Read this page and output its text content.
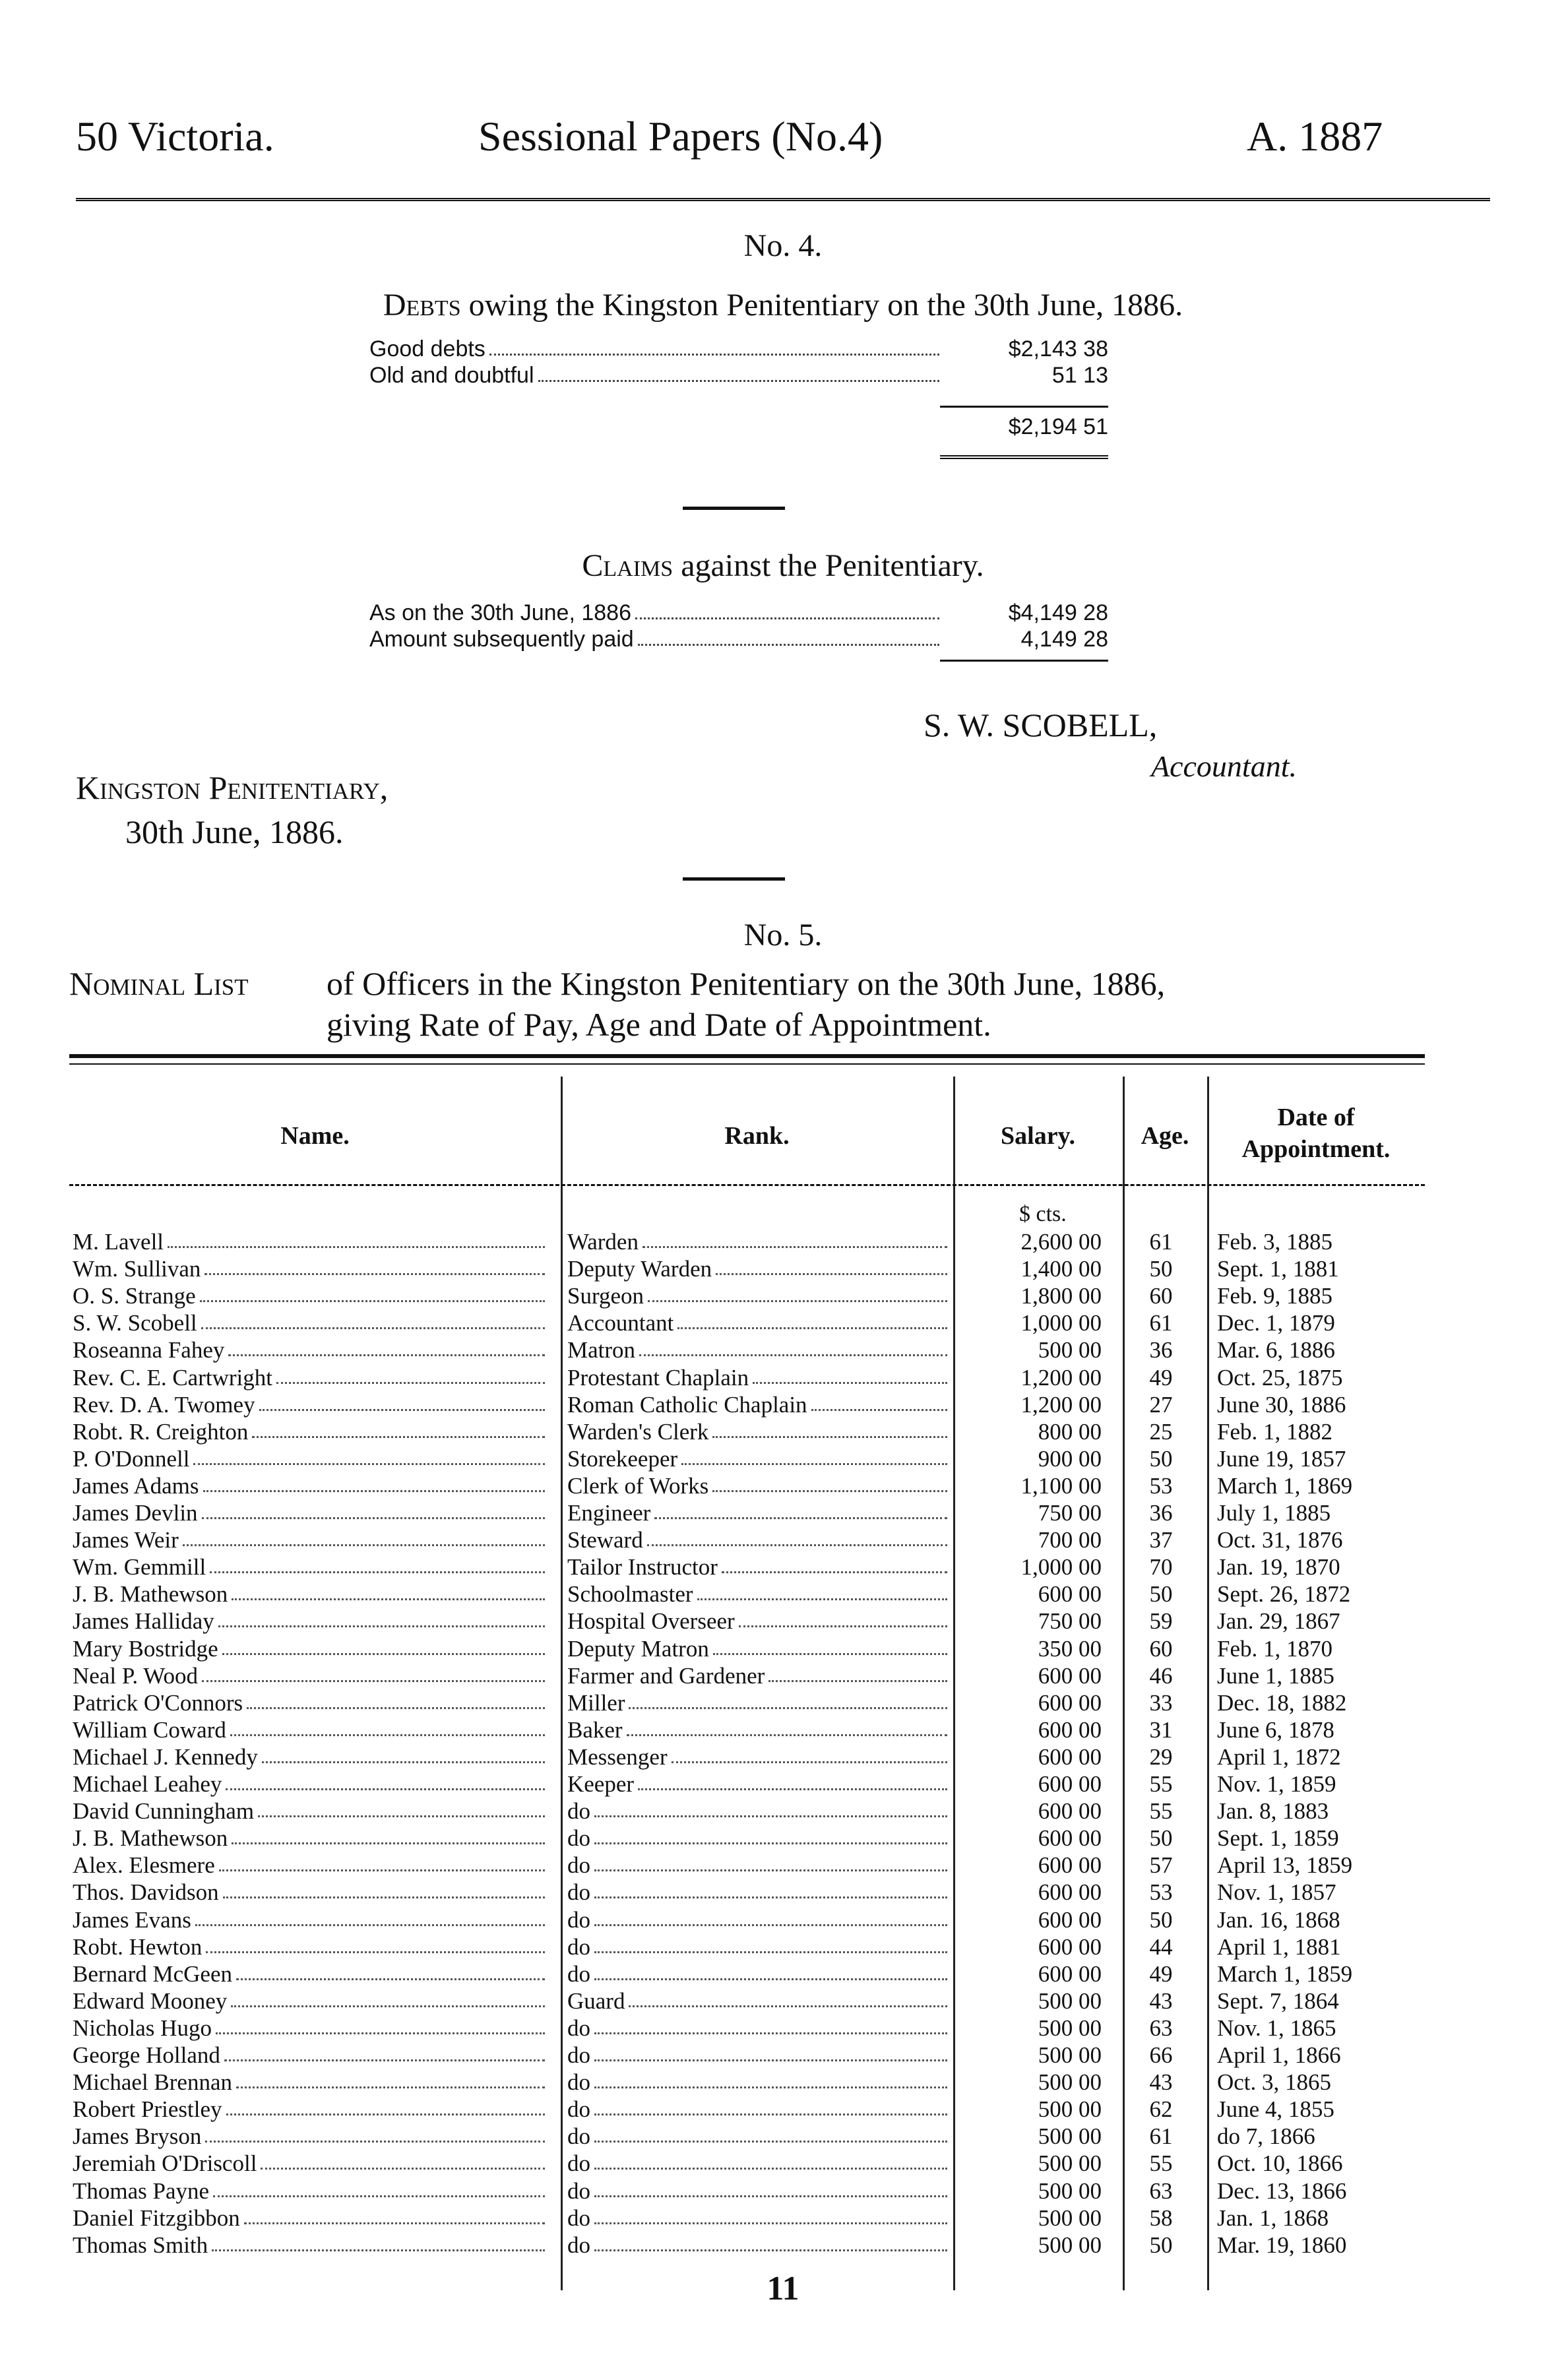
50 Victoria.	Sessional Papers (No.4)	A. 1887
No. 4.
Debts owing the Kingston Penitentiary on the 30th June, 1886.
Good debts	$2,143 38
Old and doubtful	51 13
$2,194 51
Claims against the Penitentiary.
As on the 30th June, 1886	$4,149 28
Amount subsequently paid	4,149 28
S. W. SCOBELL,
Accountant.
Kingston Penitentiary,
30th June, 1886.
No. 5.
Nominal List of Officers in the Kingston Penitentiary on the 30th June, 1886,
giving Rate of Pay, Age and Date of Appointment.
Name.	Rank.	Salary.	Age.
Date of
Appointment.
$ cts.
M. Lavell	Warden	2,600 00	61	Feb. 3, 1885
Wm. Sullivan	Deputy Warden	1,400 00	50	Sept. 1, 1881
O. S. Strange	Surgeon	1,800 00	60	Feb. 9, 1885
S. W. Scobell	Accountant	1,000 00	61	Dec. 1, 1879
Roseanna Fahey	Matron	500 00	36	Mar. 6, 1886
Rev. C. E. Cartwright	Protestant Chaplain	1,200 00	49	Oct. 25, 1875
Rev. D. A. Twomey	Roman Catholic Chaplain	1,200 00	27	June 30, 1886
Robt. R. Creighton	Warden's Clerk	800 00	25	Feb. 1, 1882
P. O'Donnell	Storekeeper	900 00	50	June 19, 1857
James Adams	Clerk of Works	1,100 00	53	March 1, 1869
James Devlin	Engineer	750 00	36	July 1, 1885
James Weir	Steward	700 00	37	Oct. 31, 1876
Wm. Gemmill	Tailor Instructor	1,000 00	70	Jan. 19, 1870
J. B. Mathewson	Schoolmaster	600 00	50	Sept. 26, 1872
James Halliday	Hospital Overseer	750 00	59	Jan. 29, 1867
Mary Bostridge	Deputy Matron	350 00	60	Feb. 1, 1870
Neal P. Wood	Farmer and Gardener	600 00	46	June 1, 1885
Patrick O'Connors	Miller	600 00	33	Dec. 18, 1882
William Coward	Baker	600 00	31	June 6, 1878
Michael J. Kennedy	Messenger	600 00	29	April 1, 1872
Michael Leahey	Keeper	600 00	55	Nov. 1, 1859
David Cunningham	do	600 00	55	Jan. 8, 1883
J. B. Mathewson	do	600 00	50	Sept. 1, 1859
Alex. Elesmere	do	600 00	57	April 13, 1859
Thos. Davidson	do	600 00	53	Nov. 1, 1857
James Evans	do	600 00	50	Jan. 16, 1868
Robt. Hewton	do	600 00	44	April 1, 1881
Bernard McGeen	do	600 00	49	March 1, 1859
Edward Mooney	Guard	500 00	43	Sept. 7, 1864
Nicholas Hugo	do	500 00	63	Nov. 1, 1865
George Holland	do	500 00	66	April 1, 1866
Michael Brennan	do	500 00	43	Oct. 3, 1865
Robert Priestley	do	500 00	62	June 4, 1855
James Bryson	do	500 00	61	do 7, 1866
Jeremiah O'Driscoll	do	500 00	55	Oct. 10, 1866
Thomas Payne	do	500 00	63	Dec. 13, 1866
Daniel Fitzgibbon	do	500 00	58	Jan. 1, 1868
Thomas Smith	do	500 00	50	Mar. 19, 1860
11
